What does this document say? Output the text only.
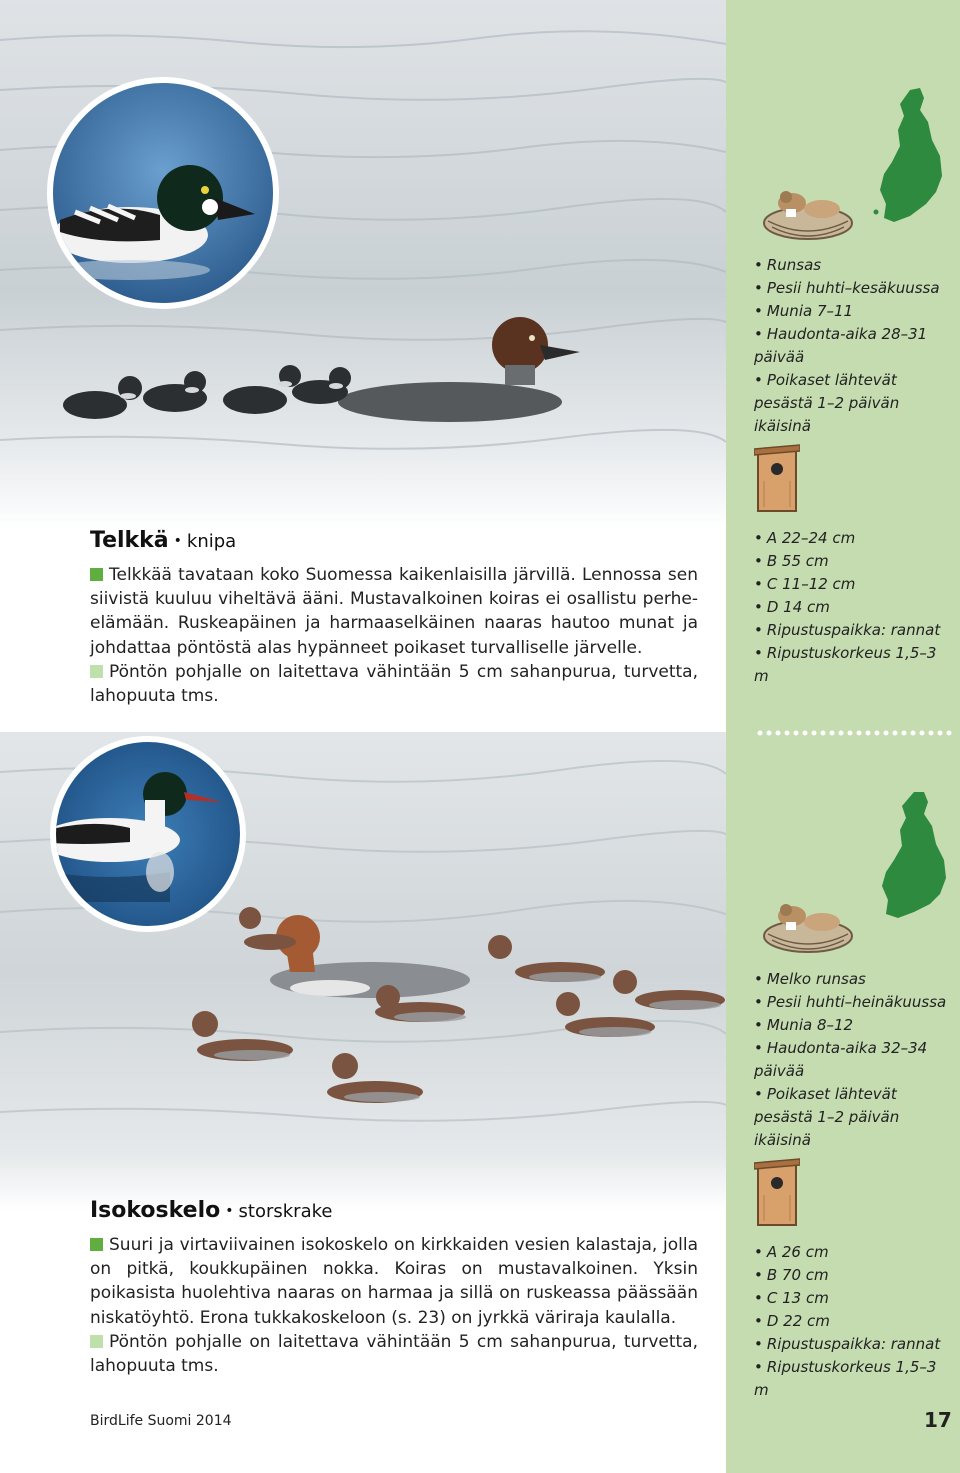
• Runsas
• Pesii huhti–kesäkuussa
• Munia 7–11
• Haudonta-aika 28–31 päivää
• Poikaset lähtevät pesästä 1–2 päivän ikäisinä
• A 22–24 cm
• B 55 cm
• C 11–12 cm
• D 14 cm
• Ripustuspaikka: rannat
• Ripustuskorkeus 1,5–3 m
Telkkä • knipa

Telkkää tavataan koko Suomessa kaikenlaisilla järvillä. Lennossa sen siivistä kuuluu viheltävä ääni. Mustavalkoinen koiras ei osallistu perhe-elämään. Ruskeapäinen ja harmaaselkäinen naaras hautoo munat ja johdattaa pöntöstä alas hypänneet poikaset turvalliselle järvelle.

Pöntön pohjalle on laitettava vähintään 5 cm sahanpurua, turvetta, lahopuuta tms.

• Melko runsas
• Pesii huhti–heinäkuussa
• Munia 8–12
• Haudonta-aika 32–34 päivää
• Poikaset lähtevät pesästä 1–2 päivän ikäisinä
• A 26 cm
• B 70 cm
• C 13 cm
• D 22 cm
• Ripustuspaikka: rannat
• Ripustuskorkeus 1,5–3 m
Isokoskelo • storskrake

Suuri ja virtaviivainen isokoskelo on kirkkaiden vesien kalastaja, jolla on pitkä, koukkupäinen nokka. Koiras on mustavalkoinen. Yksin poikasista huolehtiva naaras on harmaa ja sillä on ruskeassa päässään niskatöyhtö. Erona tukkakoskeloon (s. 23) on jyrkkä väriraja kaulalla.

Pöntön pohjalle on laitettava vähintään 5 cm sahanpurua, turvetta, lahopuuta tms.

BirdLife Suomi 2014	17
